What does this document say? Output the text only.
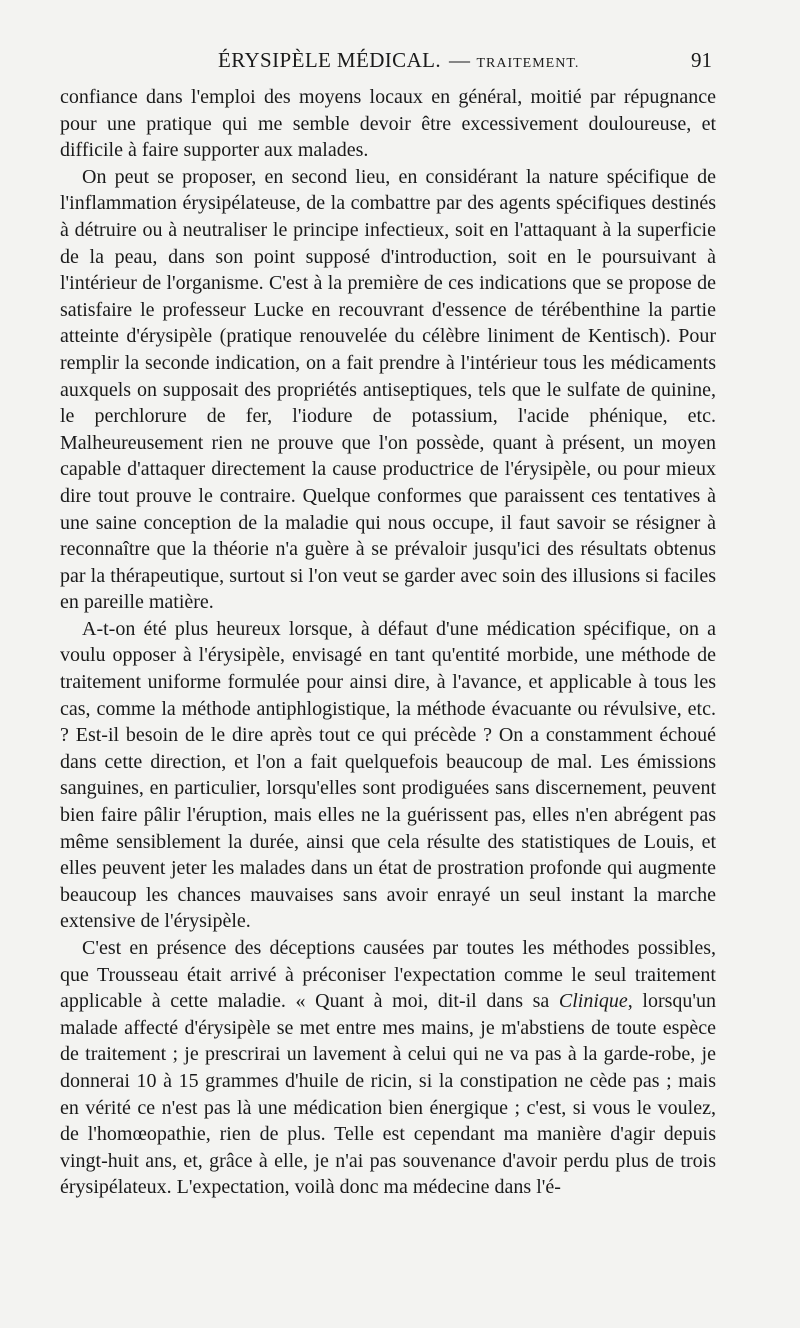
ÉRYSIPÈLE MÉDICAL. — TRAITEMENT.	91

confiance dans l'emploi des moyens locaux en général, moitié par répugnance pour une pratique qui me semble devoir être excessivement douloureuse, et difficile à faire supporter aux malades.

On peut se proposer, en second lieu, en considérant la nature spécifique de l'inflammation érysipélateuse, de la combattre par des agents spécifiques destinés à détruire ou à neutraliser le principe infectieux, soit en l'attaquant à la superficie de la peau, dans son point supposé d'introduction, soit en le poursuivant à l'intérieur de l'organisme. C'est à la première de ces indications que se propose de satisfaire le professeur Lucke en recouvrant d'essence de térébenthine la partie atteinte d'érysipèle (pratique renouvelée du célèbre liniment de Kentisch). Pour remplir la seconde indication, on a fait prendre à l'intérieur tous les médicaments auxquels on supposait des propriétés antiseptiques, tels que le sulfate de quinine, le perchlorure de fer, l'iodure de potassium, l'acide phénique, etc. Malheureusement rien ne prouve que l'on possède, quant à présent, un moyen capable d'attaquer directement la cause productrice de l'érysipèle, ou pour mieux dire tout prouve le contraire. Quelque conformes que paraissent ces tentatives à une saine conception de la maladie qui nous occupe, il faut savoir se résigner à reconnaître que la théorie n'a guère à se prévaloir jusqu'ici des résultats obtenus par la thérapeutique, surtout si l'on veut se garder avec soin des illusions si faciles en pareille matière.

A-t-on été plus heureux lorsque, à défaut d'une médication spécifique, on a voulu opposer à l'érysipèle, envisagé en tant qu'entité morbide, une méthode de traitement uniforme formulée pour ainsi dire, à l'avance, et applicable à tous les cas, comme la méthode antiphlogistique, la méthode évacuante ou révulsive, etc. ? Est-il besoin de le dire après tout ce qui précède ? On a constamment échoué dans cette direction, et l'on a fait quelquefois beaucoup de mal. Les émissions sanguines, en particulier, lorsqu'elles sont prodiguées sans discernement, peuvent bien faire pâlir l'éruption, mais elles ne la guérissent pas, elles n'en abrégent pas même sensiblement la durée, ainsi que cela résulte des statistiques de Louis, et elles peuvent jeter les malades dans un état de prostration profonde qui augmente beaucoup les chances mauvaises sans avoir enrayé un seul instant la marche extensive de l'érysipèle.

C'est en présence des déceptions causées par toutes les méthodes possibles, que Trousseau était arrivé à préconiser l'expectation comme le seul traitement applicable à cette maladie. « Quant à moi, dit-il dans sa Clinique, lorsqu'un malade affecté d'érysipèle se met entre mes mains, je m'abstiens de toute espèce de traitement ; je prescrirai un lavement à celui qui ne va pas à la garde-robe, je donnerai 10 à 15 grammes d'huile de ricin, si la constipation ne cède pas ; mais en vérité ce n'est pas là une médication bien énergique ; c'est, si vous le voulez, de l'homœopathie, rien de plus. Telle est cependant ma manière d'agir depuis vingt-huit ans, et, grâce à elle, je n'ai pas souvenance d'avoir perdu plus de trois érysipélateux. L'expectation, voilà donc ma médecine dans l'é-
